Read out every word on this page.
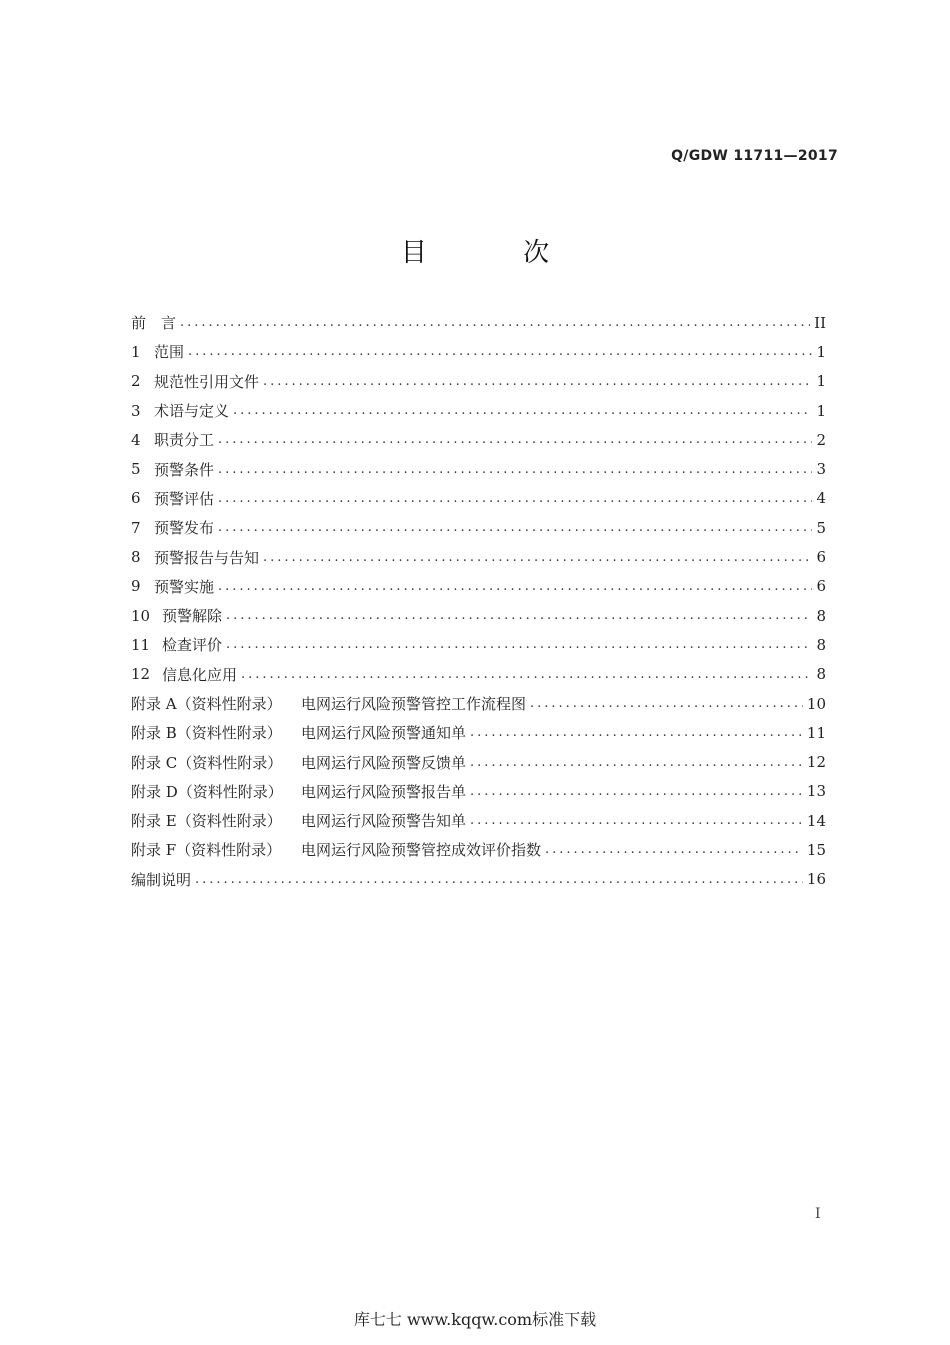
Q/GDW 11711—2017
目 次
前　言 .....	II
1 范围 .....	1
2 规范性引用文件 .....	1
3 术语与定义 .....	1
4 职责分工 .....	2
5 预警条件 .....	3
6 预警评估 .....	4
7 预警发布 .....	5
8 预警报告与告知 .....	6
9 预警实施 .....	6
10 预警解除 .....	8
11 检查评价 .....	8
12 信息化应用 .....	8
附录 A（资料性附录）	电网运行风险预警管控工作流程图 .....	10
附录 B（资料性附录）	电网运行风险预警通知单 .....	11
附录 C（资料性附录）	电网运行风险预警反馈单 .....	12
附录 D（资料性附录）	电网运行风险预警报告单 .....	13
附录 E（资料性附录）	电网运行风险预警告知单 .....	14
附录 F（资料性附录）	电网运行风险预警管控成效评价指数 .....	15
编制说明 .....	16
I
库七七 www.kqqw.com标准下载
